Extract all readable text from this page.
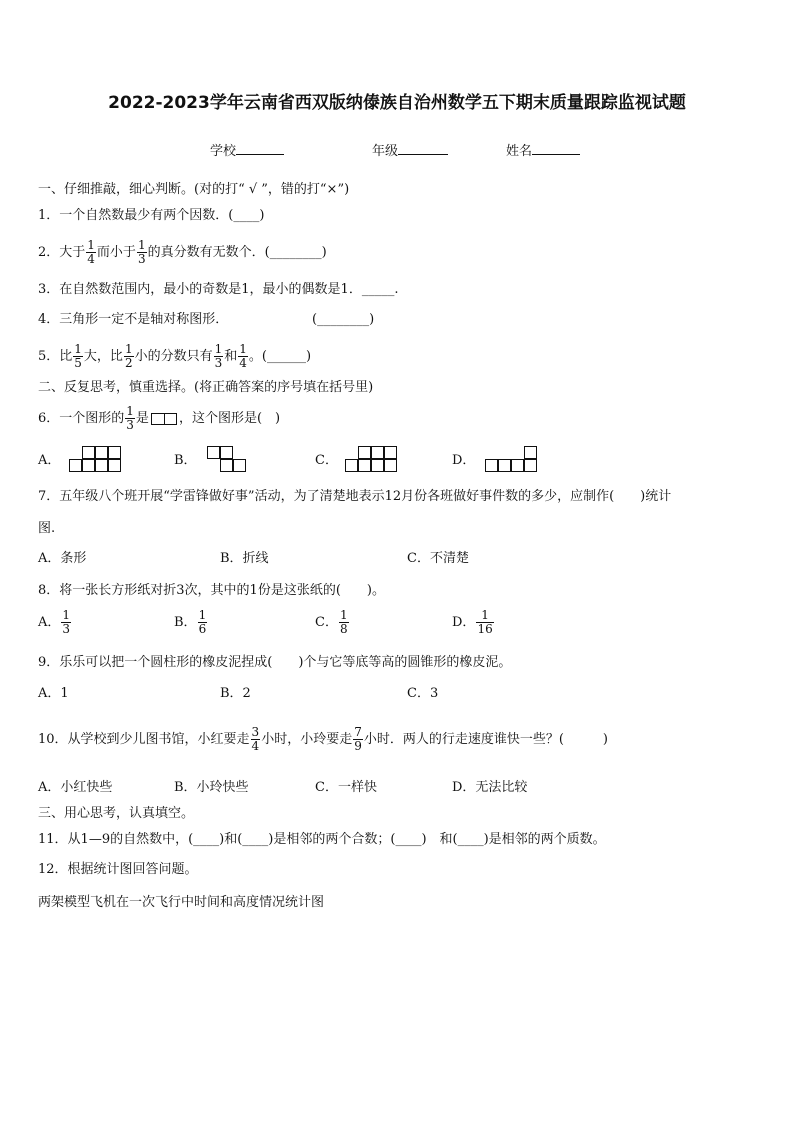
2022-2023学年云南省西双版纳傣族自治州数学五下期末质量跟踪监视试题
学校	年级	姓名
一、仔细推敲，细心判断。(对的打“ √ ”，错的打“×”)
1．一个自然数最少有两个因数．(____)
2．大于 $\frac{1}{4}$ 而小于 $\frac{1}{3}$ 的真分数有无数个．(________)
3．在自然数范围内，最小的奇数是1，最小的偶数是1．_____.
4．三角形一定不是轴对称图形．	(________)
5．比 $\frac{1}{5}$ 大，比 $\frac{1}{2}$ 小的分数只有 $\frac{1}{3}$ 和 $\frac{1}{4}$ 。(______)
二、反复思考，慎重选择。(将正确答案的序号填在括号里)
6．一个图形的 $\frac{1}{3}$ 是 ，这个图形是(　)
A．	B．	C．	D．
7．五年级八个班开展“学雷锋做好事”活动，为了清楚地表示12月份各班做好事件数的多少，应制作(　　)统计
图.
A．条形	B．折线	C．不清楚
8．将一张长方形纸对折3次，其中的1份是这张纸的(　　)。
A． $\frac{1}{3}$	B． $\frac{1}{6}$	C． $\frac{1}{8}$	D． $\frac{1}{16}$
9．乐乐可以把一个圆柱形的橡皮泥捏成(　　)个与它等底等高的圆锥形的橡皮泥。
A．1	B．2	C．3
10．从学校到少儿图书馆，小红要走 $\frac{3}{4}$ 小时，小玲要走 $\frac{7}{9}$ 小时．两人的行走速度谁快一些？(　　　)
A．小红快些	B．小玲快些	C．一样快	D．无法比较
三、用心思考，认真填空。
11．从1—9的自然数中，(____)和(____)是相邻的两个合数；(____)　和(____)是相邻的两个质数。
12．根据统计图回答问题。
两架模型飞机在一次飞行中时间和高度情况统计图
